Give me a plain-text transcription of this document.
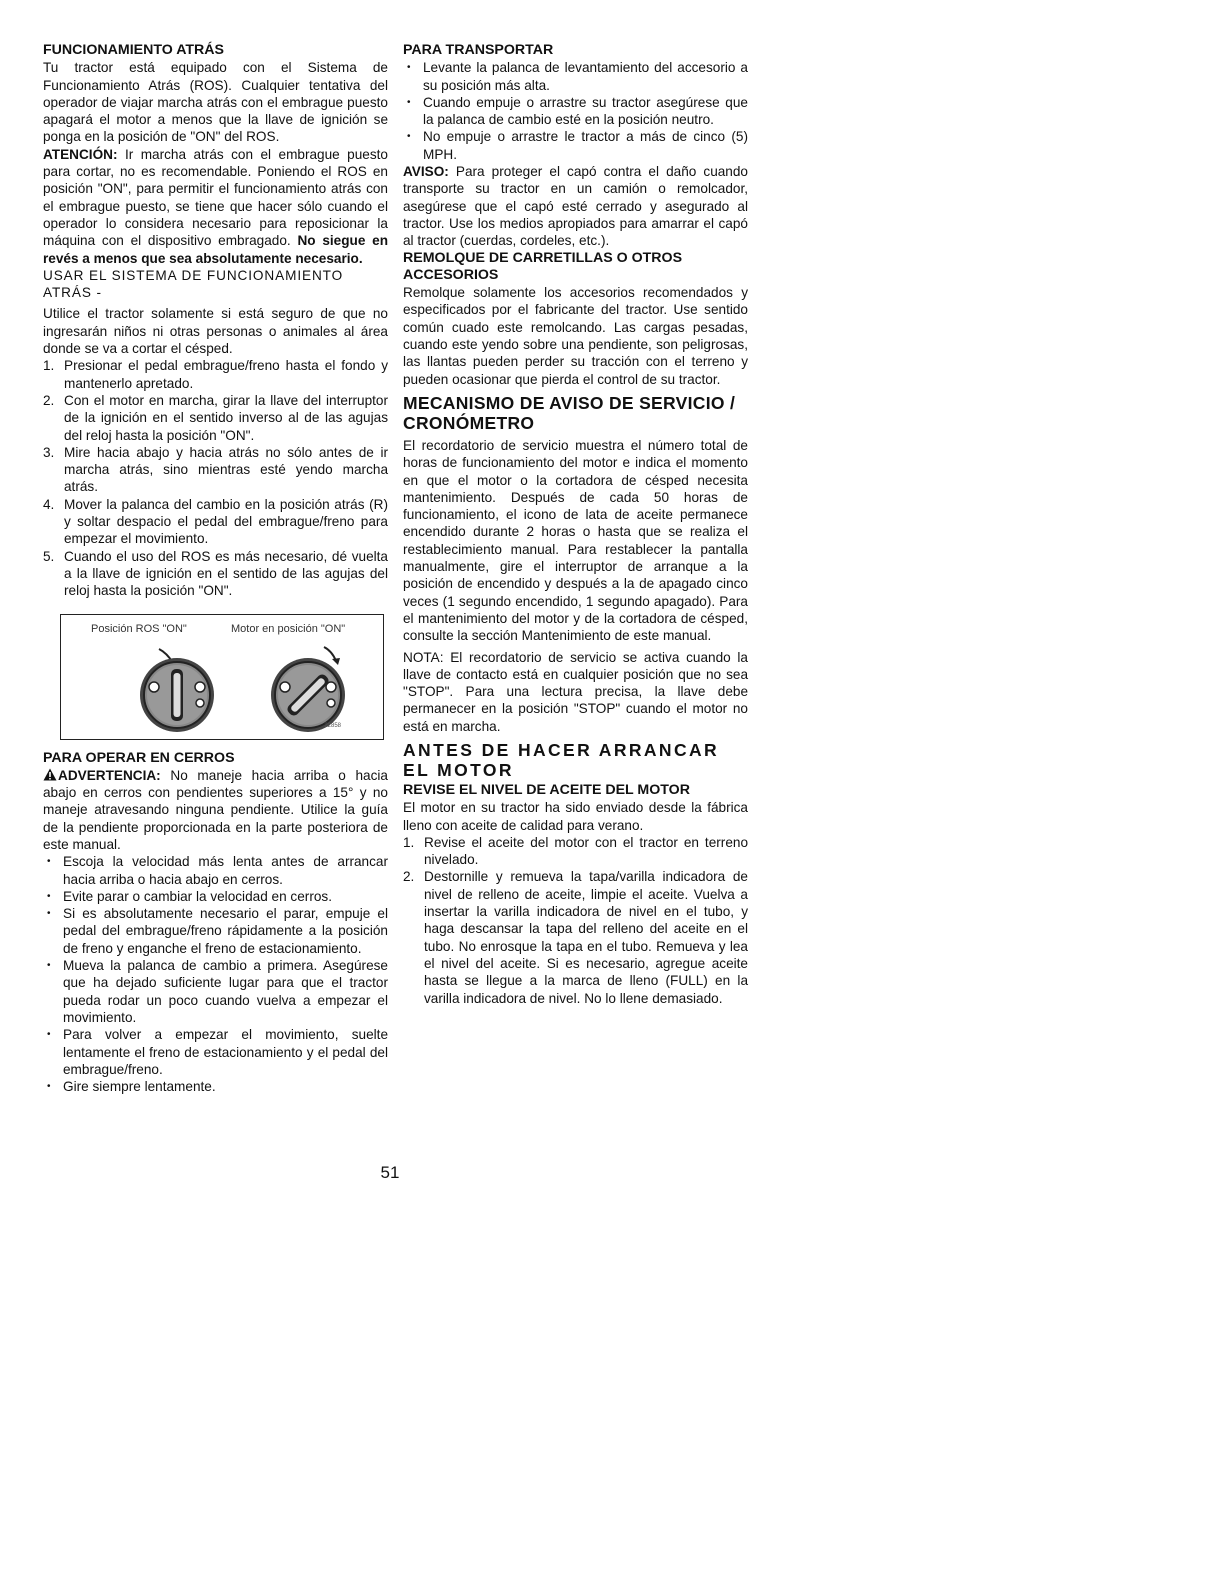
FUNCIONAMIENTO ATRÁS

Tu tractor está equipado con el Sistema de Funcionamiento Atrás (ROS). Cualquier tentativa del operador de viajar marcha atrás con el embrague puesto apagará el motor a menos que la llave de ignición se ponga en la posición de "ON" del ROS.

ATENCIÓN: Ir marcha atrás con el embrague puesto para cortar, no es recomendable. Poniendo el ROS en posición "ON", para permitir el funcionamiento atrás con el embrague puesto, se tiene que hacer sólo cuando el operador lo considera necesario para reposicionar la máquina con el dispositivo embragado. No siegue en revés a menos que sea absolutamente necesario.

USAR EL SISTEMA DE FUNCIONAMIENTO ATRÁS -

Utilice el tractor solamente si está seguro de que no ingresarán niños ni otras personas o animales al área donde se va a cortar el césped.

1. Presionar el pedal embrague/freno hasta el fondo y mantenerlo apretado.
2. Con el motor en marcha, girar la llave del interruptor de la ignición en el sentido inverso al de las agujas del reloj hasta la posición "ON".
3. Mire hacia abajo y hacia atrás no sólo antes de ir marcha atrás, sino mientras esté yendo marcha atrás.
4. Mover la palanca del cambio en la posición atrás (R) y soltar despacio el pedal del embrague/freno para empezar el movimiento.
5. Cuando el uso del ROS es más necesario, dé vuelta a la llave de ignición en el sentido de las agujas del reloj hasta la posición "ON".
Posición ROS "ON"	Motor en posición "ON"
22858
PARA OPERAR EN CERROS

ADVERTENCIA: No maneje hacia arriba o hacia abajo en cerros con pendientes superiores a 15° y no maneje atravesando ninguna pendiente. Utilice la guía de la pendiente proporcionada en la parte posteriora de este manual.

• Escoja la velocidad más lenta antes de arrancar hacia arriba o hacia abajo en cerros.
• Evite parar o cambiar la velocidad en cerros.
• Si es absolutamente necesario el parar, empuje el pedal del embrague/freno rápidamente a la posición de freno y enganche el freno de estacionamiento.
• Mueva la palanca de cambio a primera. Asegúrese que ha dejado suficiente lugar para que el tractor pueda rodar un poco cuando vuelva a empezar el movimiento.
• Para volver a empezar el movimiento, suelte lentamente el freno de estacionamiento y el pedal del embrague/freno.
• Gire siempre lentamente.
PARA TRANSPORTAR
• Levante la palanca de levantamiento del accesorio a su posición más alta.
• Cuando empuje o arrastre su tractor asegúrese que la palanca de cambio esté en la posición neutro.
• No empuje o arrastre le tractor a más de cinco (5) MPH.

AVISO: Para proteger el capó contra el daño cuando transporte su tractor en un camión o remolcador, asegúrese que el capó esté cerrado y asegurado al tractor. Use los medios apropiados para amarrar el capó al tractor (cuerdas, cordeles, etc.).

REMOLQUE DE CARRETILLAS O OTROS ACCESORIOS

Remolque solamente los accesorios recomendados y especificados por el fabricante del tractor. Use sentido común cuado este remolcando. Las cargas pesadas, cuando este yendo sobre una pendiente, son peligrosas, las llantas pueden perder su tracción con el terreno y pueden ocasionar que pierda el control de su tractor.

MECANISMO DE AVISO DE SERVICIO / CRONÓMETRO

El recordatorio de servicio muestra el número total de horas de funcionamiento del motor e indica el momento en que el motor o la cortadora de césped necesita mantenimiento. Después de cada 50 horas de funcionamiento, el icono de lata de aceite permanece encendido durante 2 horas o hasta que se realiza el restablecimiento manual. Para restablecer la pantalla manualmente, gire el interruptor de arranque a la posición de encendido y después a la de apagado cinco veces (1 segundo encendido, 1 segundo apagado). Para el mantenimiento del motor y de la cortadora de césped, consulte la sección Mantenimiento de este manual.

NOTA: El recordatorio de servicio se activa cuando la llave de contacto está en cualquier posición que no sea "STOP". Para una lectura precisa, la llave debe permanecer en la posición "STOP" cuando el motor no está en marcha.

ANTES DE HACER ARRANCAR EL MOTOR
REVISE EL NIVEL DE ACEITE DEL MOTOR

El motor en su tractor ha sido enviado desde la fábrica lleno con aceite de calidad para verano.

1. Revise el aceite del motor con el tractor en terreno nivelado.
2. Destornille y remueva la tapa/varilla indicadora de nivel de relleno de aceite, limpie el aceite. Vuelva a insertar la varilla indicadora de nivel en el tubo, y haga descansar la tapa del relleno del aceite en el tubo. No enrosque la tapa en el tubo. Remueva y lea el nivel del aceite. Si es necesario, agregue aceite hasta se llegue a la marca de lleno (FULL) en la varilla indicadora de nivel. No lo llene demasiado.
51
